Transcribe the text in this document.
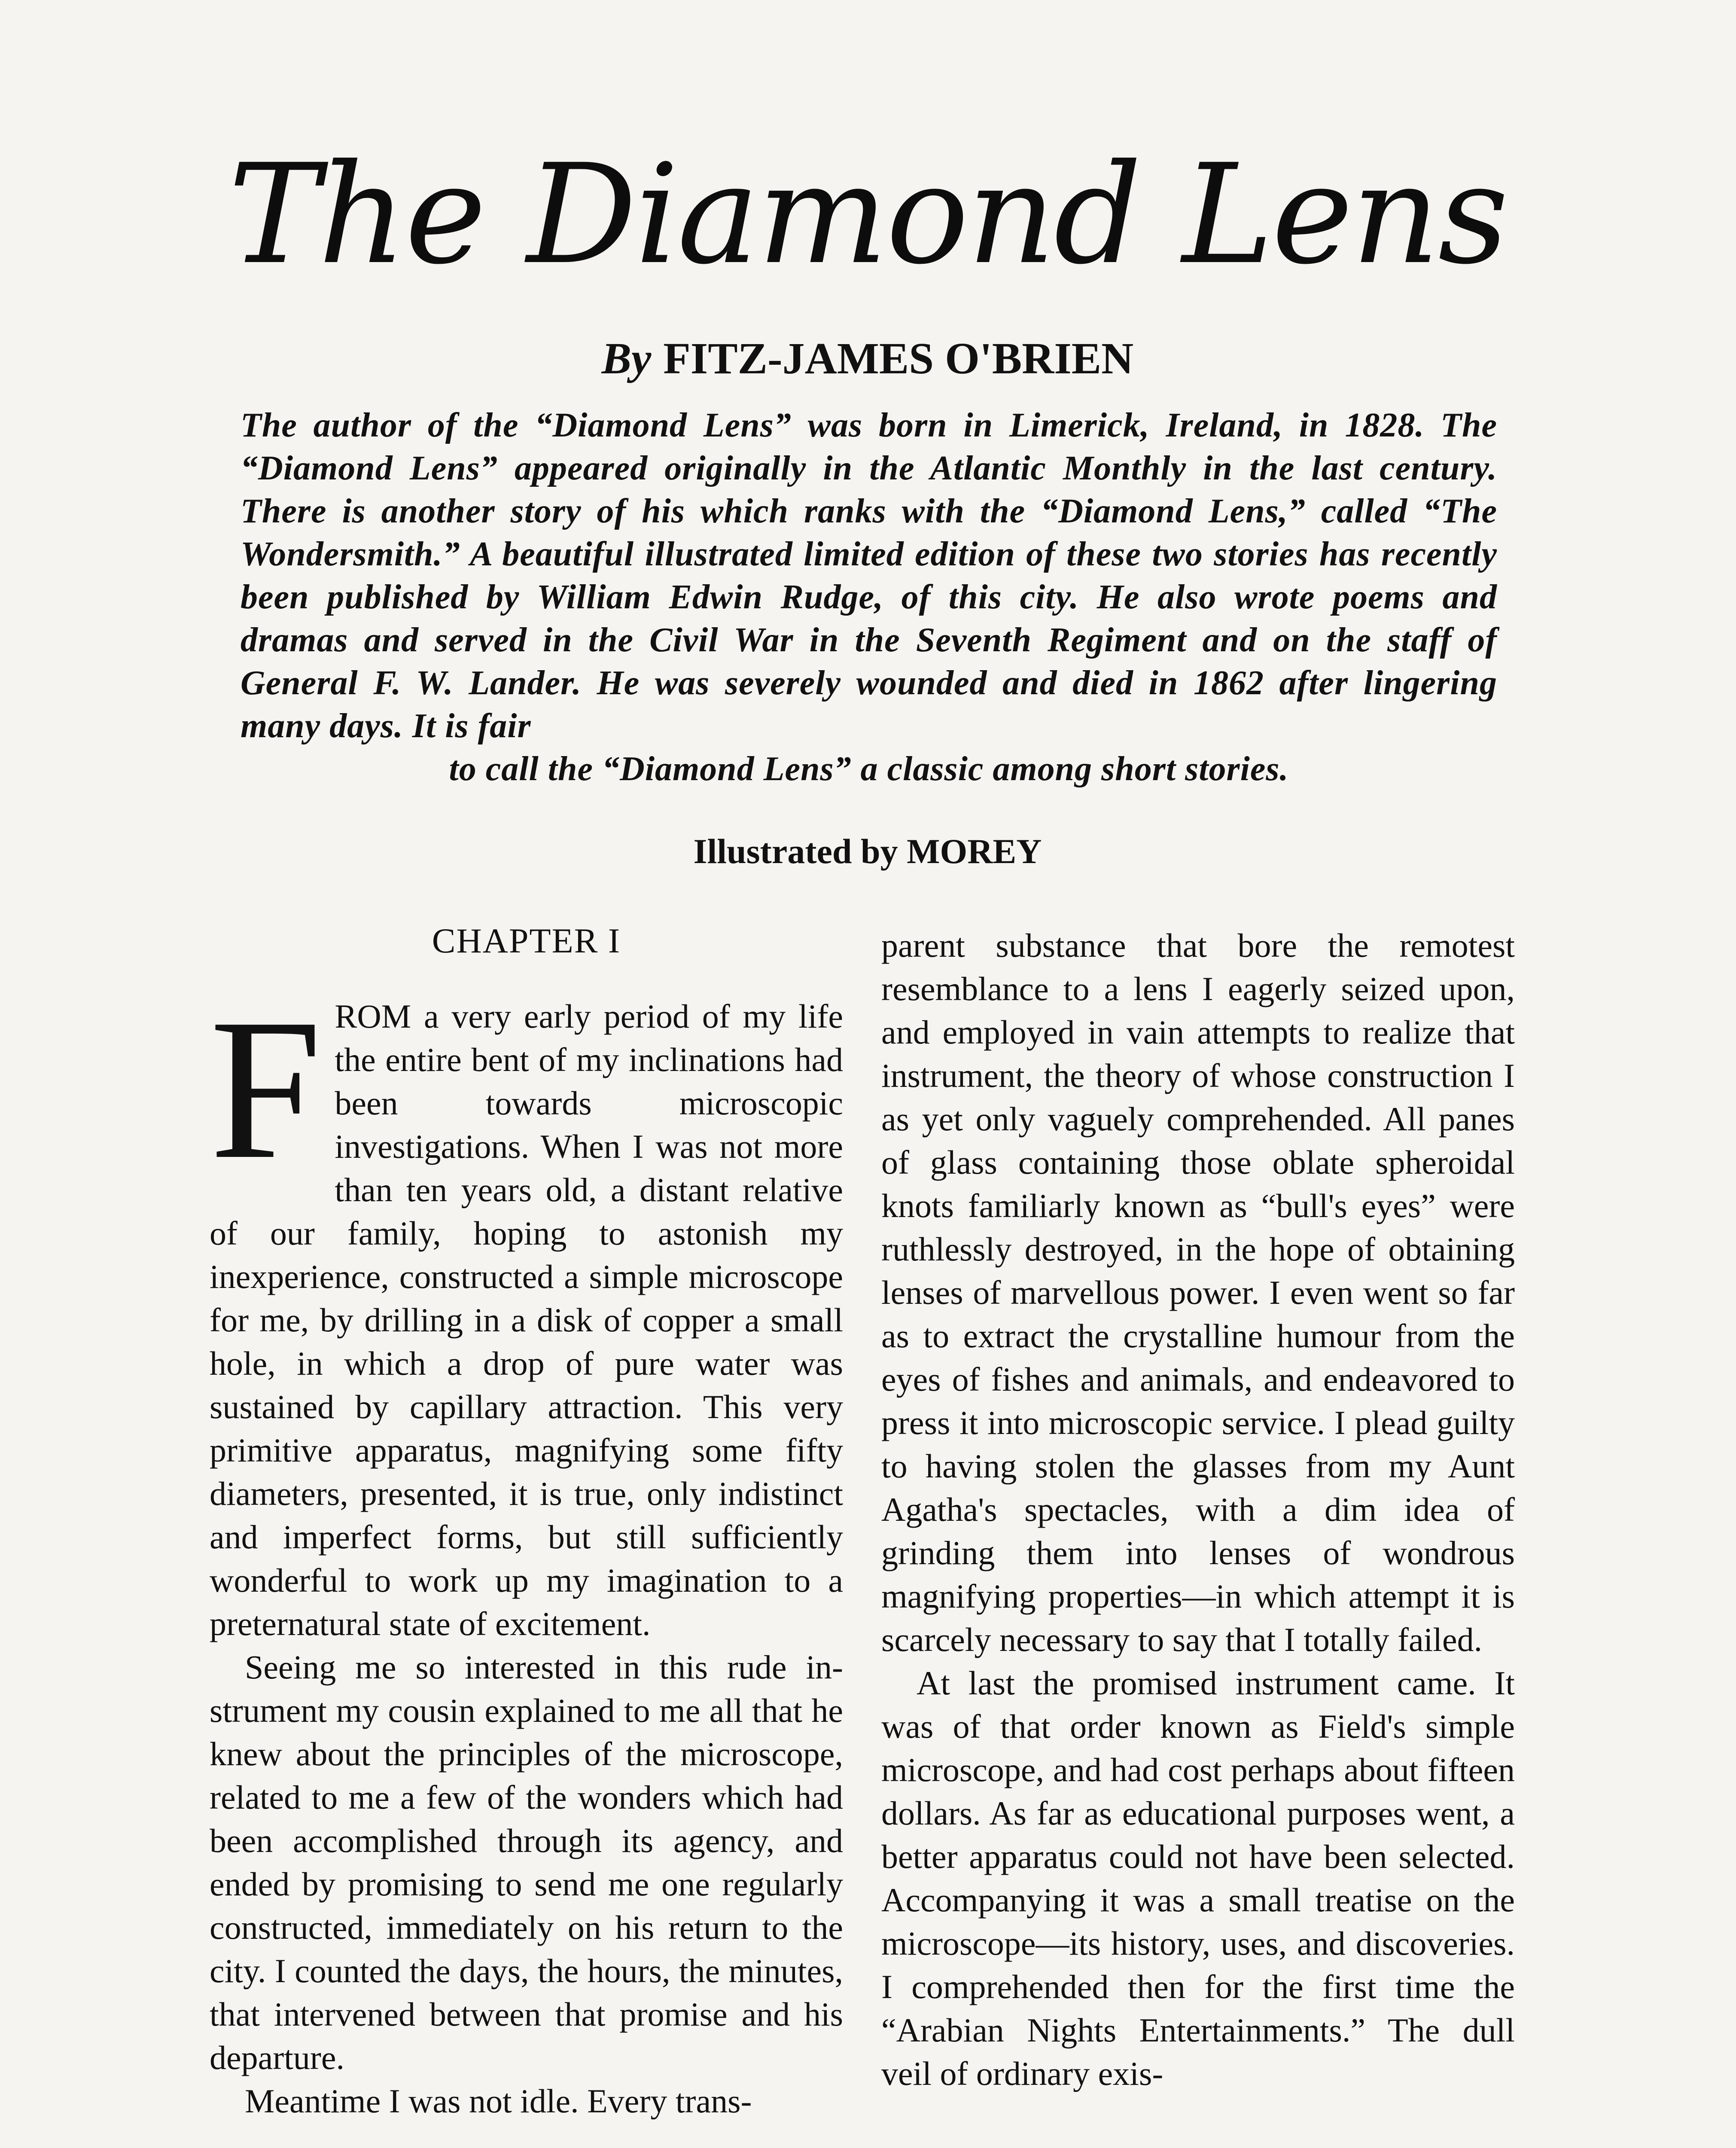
The Diamond Lens
By FITZ-JAMES O'BRIEN
The author of the “Diamond Lens” was born in Limerick, Ireland, in 1828. The “Diamond Lens” appeared originally in the Atlantic Monthly in the last century. There is another story of his which ranks with the “Diamond Lens,” called “The Wondersmith.” A beautiful illustrated limited edition of these two stories has recently been published by William Edwin Rudge, of this city. He also wrote poems and dramas and served in the Civil War in the Seventh Regiment and on the staff of General F. W. Lander. He was severely wounded and died in 1862 after lingering many days. It is fair
to call the “Diamond Lens” a classic among short stories.
Illustrated by MOREY
CHAPTER I

FROM a very early period of my life the entire bent of my inclinations had been towards microscopic investigations. When I was not more than ten years old, a distant relative of our family, hoping to astonish my inexperience, constructed a simple microscope for me, by drilling in a disk of copper a small hole, in which a drop of pure water was sustained by capillary attraction. This very primitive apparatus, magnifying some fifty diameters, presented, it is true, only indistinct and imperfect forms, but still sufficiently wonderful to work up my imagination to a preternatural state of excitement.

Seeing me so interested in this rude instrument my cousin explained to me all that he knew about the principles of the microscope, related to me a few of the wonders which had been accomplished through its agency, and ended by promising to send me one regularly constructed, immediately on his return to the city. I counted the days, the hours, the minutes, that intervened between that promise and his departure.

Meantime I was not idle. Every trans-

parent substance that bore the remotest resemblance to a lens I eagerly seized upon, and employed in vain attempts to realize that instrument, the theory of whose construction I as yet only vaguely comprehended. All panes of glass containing those oblate spheroidal knots familiarly known as “bull's eyes” were ruthlessly destroyed, in the hope of obtaining lenses of marvellous power. I even went so far as to extract the crystalline humour from the eyes of fishes and animals, and endeavored to press it into microscopic service. I plead guilty to having stolen the glasses from my Aunt Agatha's spectacles, with a dim idea of grinding them into lenses of wondrous magnifying properties—in which attempt it is scarcely necessary to say that I totally failed.

At last the promised instrument came. It was of that order known as Field's simple microscope, and had cost perhaps about fifteen dollars. As far as educational purposes went, a better apparatus could not have been selected. Accompanying it was a small treatise on the microscope—its history, uses, and discoveries. I comprehended then for the first time the “Arabian Nights Entertainments.” The dull veil of ordinary exis-
